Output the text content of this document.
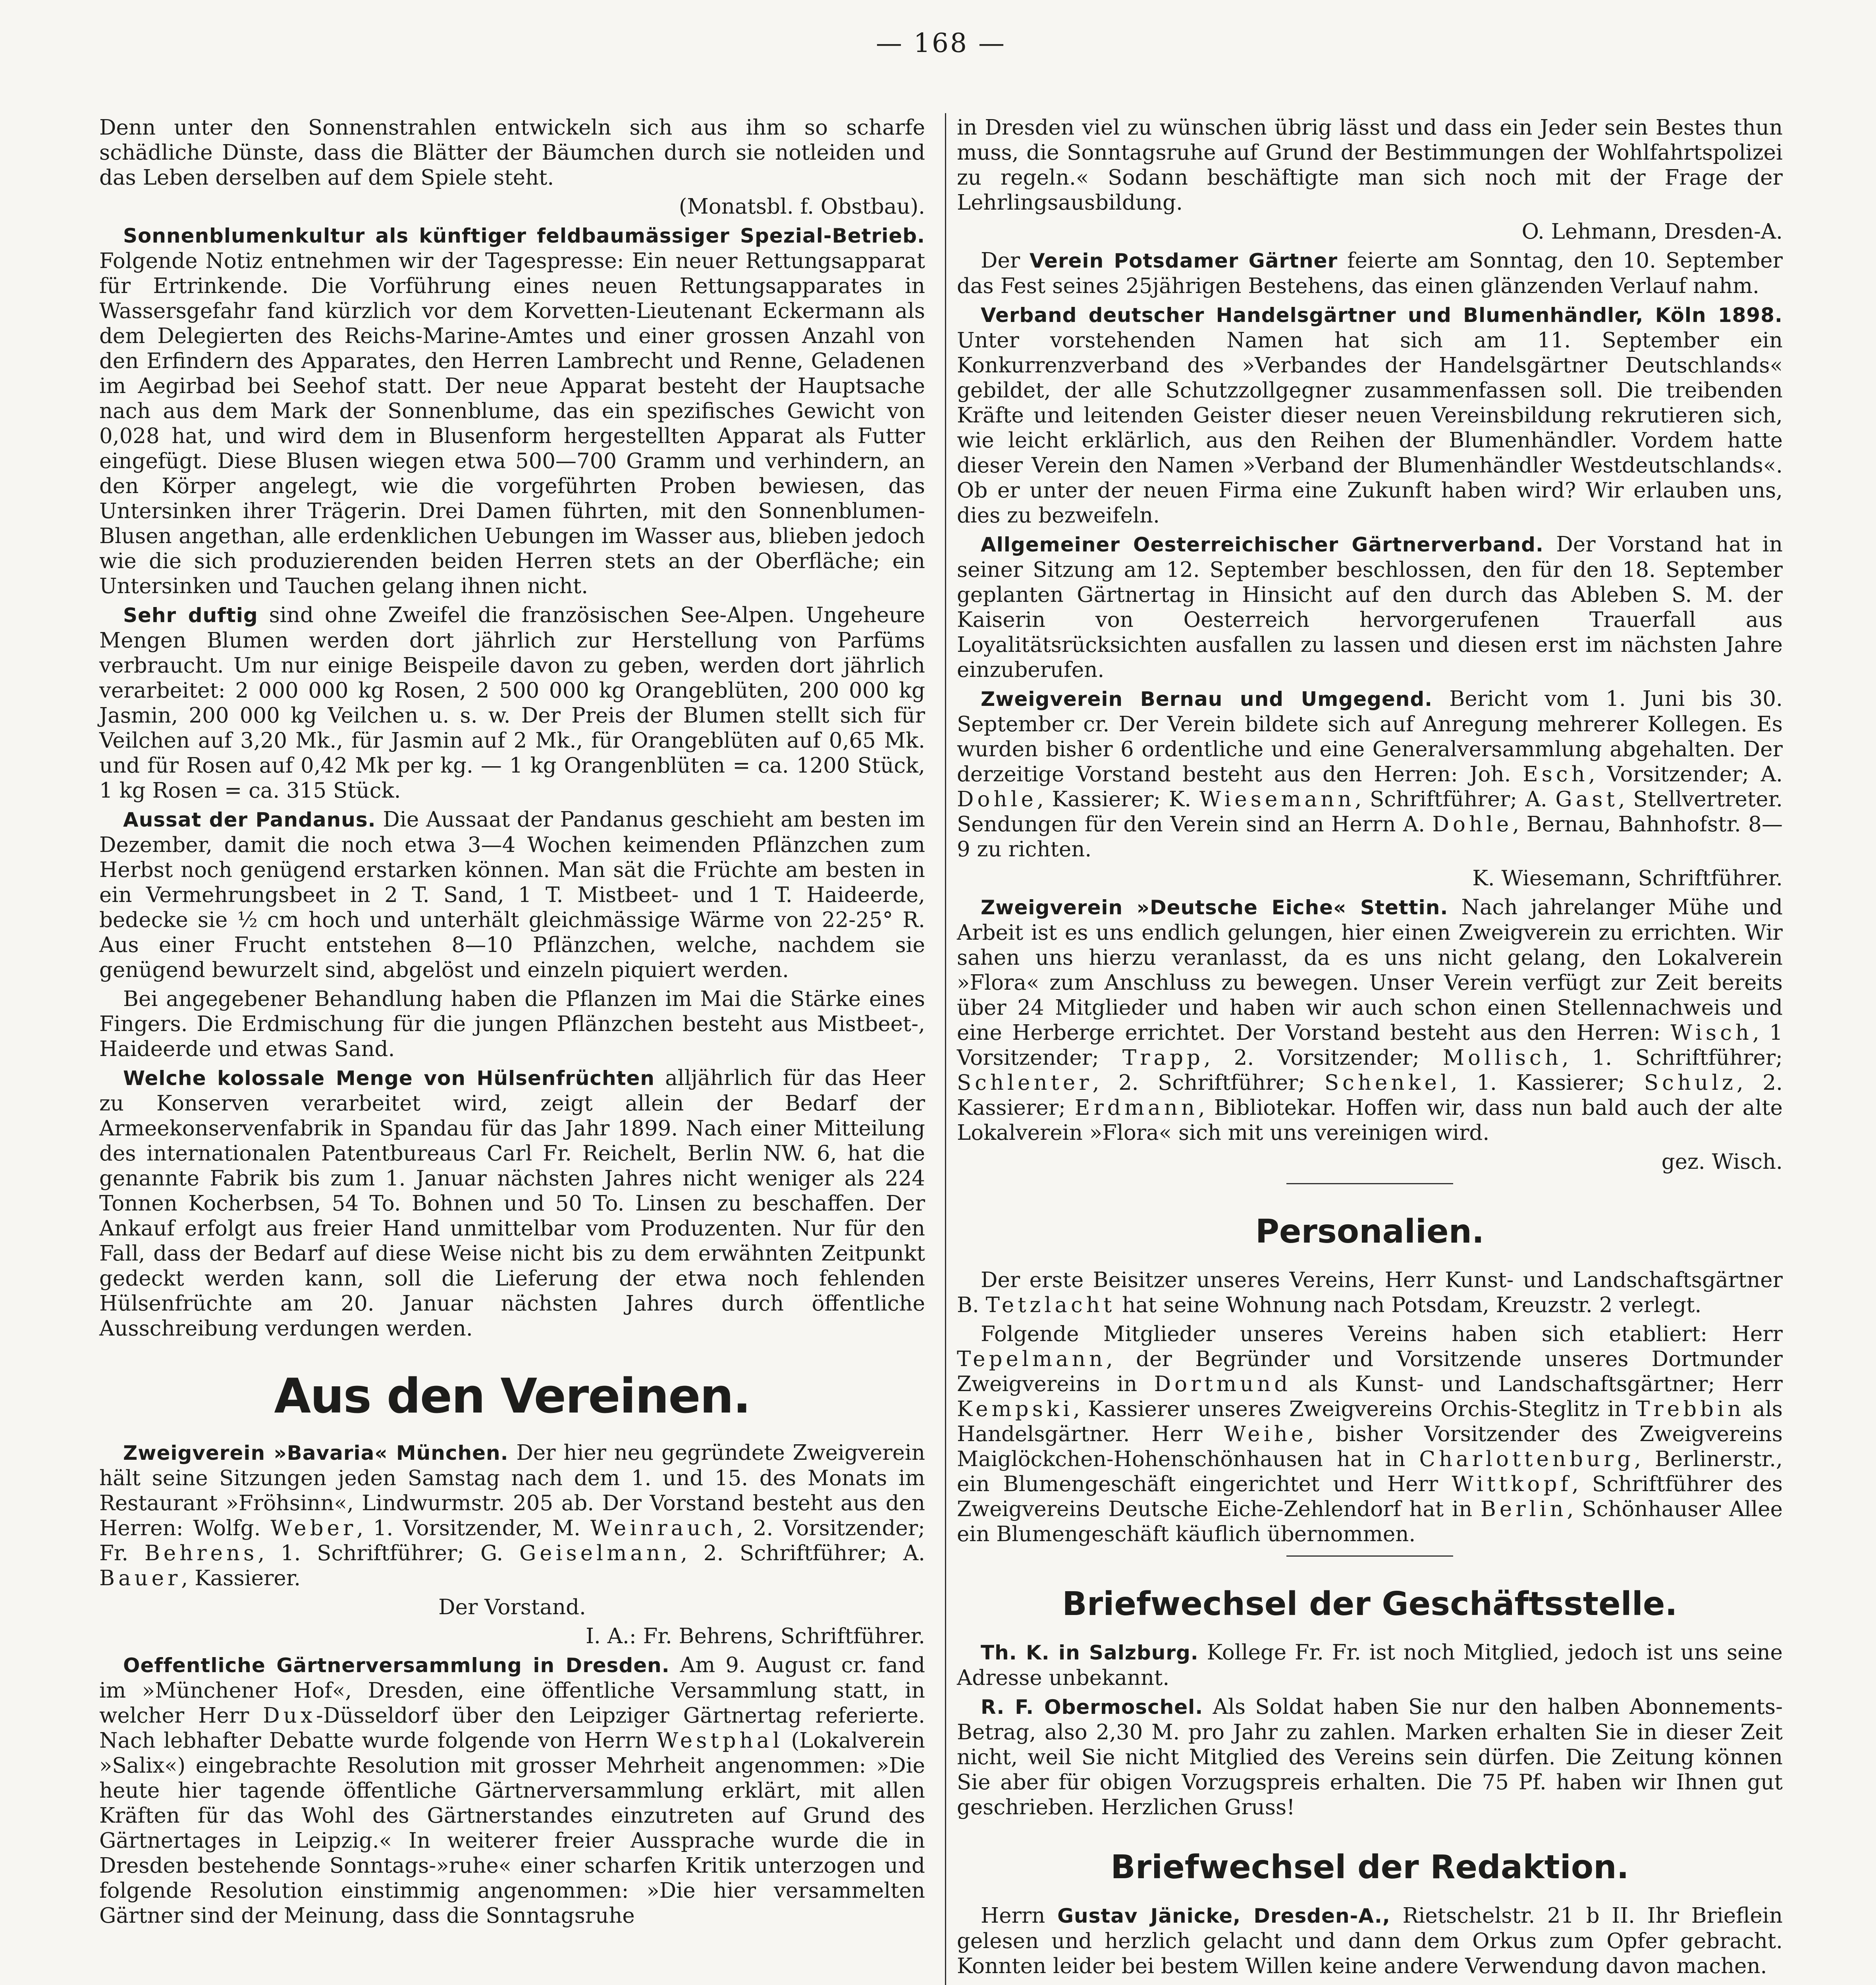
— 168 —

Denn unter den Sonnenstrahlen entwickeln sich aus ihm so scharfe schädliche Dünste, dass die Blätter der Bäumchen durch sie notleiden und das Leben derselben auf dem Spiele steht.

(Monatsbl. f. Obstbau).

Sonnenblumenkultur als künftiger feldbaumässiger Spezial-Betrieb. Folgende Notiz entnehmen wir der Tagespresse: Ein neuer Rettungsapparat für Ertrinkende. Die Vorführung eines neuen Rettungsapparates in Wassersgefahr fand kürzlich vor dem Korvetten-Lieutenant Eckermann als dem Delegierten des Reichs-Marine-Amtes und einer grossen Anzahl von den Erfindern des Apparates, den Herren Lambrecht und Renne, Geladenen im Aegirbad bei Seehof statt. Der neue Apparat besteht der Hauptsache nach aus dem Mark der Sonnenblume, das ein spezifisches Gewicht von 0,028 hat, und wird dem in Blusenform hergestellten Apparat als Futter eingefügt. Diese Blusen wiegen etwa 500—700 Gramm und verhindern, an den Körper angelegt, wie die vorgeführten Proben bewiesen, das Untersinken ihrer Trägerin. Drei Damen führten, mit den Sonnenblumen-Blusen angethan, alle erdenklichen Uebungen im Wasser aus, blieben jedoch wie die sich produzierenden beiden Herren stets an der Oberfläche; ein Untersinken und Tauchen gelang ihnen nicht.

Sehr duftig sind ohne Zweifel die französischen See-Alpen. Ungeheure Mengen Blumen werden dort jährlich zur Herstellung von Parfüms verbraucht. Um nur einige Beispeile davon zu geben, werden dort jährlich verarbeitet: 2 000 000 kg Rosen, 2 500 000 kg Orangeblüten, 200 000 kg Jasmin, 200 000 kg Veilchen u. s. w. Der Preis der Blumen stellt sich für Veilchen auf 3,20 Mk., für Jasmin auf 2 Mk., für Orangeblüten auf 0,65 Mk. und für Rosen auf 0,42 Mk per kg. — 1 kg Orangenblüten = ca. 1200 Stück, 1 kg Rosen = ca. 315 Stück.

Aussat der Pandanus. Die Aussaat der Pandanus geschieht am besten im Dezember, damit die noch etwa 3—4 Wochen keimenden Pflänzchen zum Herbst noch genügend erstarken können. Man sät die Früchte am besten in ein Vermehrungsbeet in 2 T. Sand, 1 T. Mistbeet- und 1 T. Haideerde, bedecke sie ½ cm hoch und unterhält gleichmässige Wärme von 22-25° R. Aus einer Frucht entstehen 8—10 Pflänzchen, welche, nachdem sie genügend bewurzelt sind, abgelöst und einzeln piquiert werden.

Bei angegebener Behandlung haben die Pflanzen im Mai die Stärke eines Fingers. Die Erdmischung für die jungen Pflänzchen besteht aus Mistbeet-, Haideerde und etwas Sand.

Welche kolossale Menge von Hülsenfrüchten alljährlich für das Heer zu Konserven verarbeitet wird, zeigt allein der Bedarf der Armeekonservenfabrik in Spandau für das Jahr 1899. Nach einer Mitteilung des internationalen Patentbureaus Carl Fr. Reichelt, Berlin NW. 6, hat die genannte Fabrik bis zum 1. Januar nächsten Jahres nicht weniger als 224 Tonnen Kocherbsen, 54 To. Bohnen und 50 To. Linsen zu beschaffen. Der Ankauf erfolgt aus freier Hand unmittelbar vom Produzenten. Nur für den Fall, dass der Bedarf auf diese Weise nicht bis zu dem erwähnten Zeitpunkt gedeckt werden kann, soll die Lieferung der etwa noch fehlenden Hülsenfrüchte am 20. Januar nächsten Jahres durch öffentliche Ausschreibung verdungen werden.

Aus den Vereinen.

Zweigverein »Bavaria« München. Der hier neu gegründete Zweigverein hält seine Sitzungen jeden Samstag nach dem 1. und 15. des Monats im Restaurant »Fröhsinn«, Lindwurmstr. 205 ab. Der Vorstand besteht aus den Herren: Wolfg. Weber, 1. Vorsitzender, M. Weinrauch, 2. Vorsitzender; Fr. Behrens, 1. Schriftführer; G. Geiselmann, 2. Schriftführer; A. Bauer, Kassierer.

Der Vorstand.

I. A.: Fr. Behrens, Schriftführer.

Oeffentliche Gärtnerversammlung in Dresden. Am 9. August cr. fand im »Münchener Hof«, Dresden, eine öffentliche Versammlung statt, in welcher Herr Dux-Düsseldorf über den Leipziger Gärtnertag referierte. Nach lebhafter Debatte wurde folgende von Herrn Westphal (Lokalverein »Salix«) eingebrachte Resolution mit grosser Mehrheit angenommen: »Die heute hier tagende öffentliche Gärtnerversammlung erklärt, mit allen Kräften für das Wohl des Gärtnerstandes einzutreten auf Grund des Gärtnertages in Leipzig.« In weiterer freier Aussprache wurde die in Dresden bestehende Sonntags-»ruhe« einer scharfen Kritik unterzogen und folgende Resolution einstimmig angenommen: »Die hier versammelten Gärtner sind der Meinung, dass die Sonntagsruhe

in Dresden viel zu wünschen übrig lässt und dass ein Jeder sein Bestes thun muss, die Sonntagsruhe auf Grund der Bestimmungen der Wohlfahrtspolizei zu regeln.« Sodann beschäftigte man sich noch mit der Frage der Lehrlingsausbildung.

O. Lehmann, Dresden-A.

Der Verein Potsdamer Gärtner feierte am Sonntag, den 10. September das Fest seines 25jährigen Bestehens, das einen glänzenden Verlauf nahm.

Verband deutscher Handelsgärtner und Blumenhändler, Köln 1898. Unter vorstehenden Namen hat sich am 11. September ein Konkurrenzverband des »Verbandes der Handelsgärtner Deutschlands« gebildet, der alle Schutzzollgegner zusammenfassen soll. Die treibenden Kräfte und leitenden Geister dieser neuen Vereinsbildung rekrutieren sich, wie leicht erklärlich, aus den Reihen der Blumenhändler. Vordem hatte dieser Verein den Namen »Verband der Blumenhändler Westdeutschlands«. Ob er unter der neuen Firma eine Zukunft haben wird? Wir erlauben uns, dies zu bezweifeln.

Allgemeiner Oesterreichischer Gärtnerverband. Der Vorstand hat in seiner Sitzung am 12. September beschlossen, den für den 18. September geplanten Gärtnertag in Hinsicht auf den durch das Ableben S. M. der Kaiserin von Oesterreich hervorgerufenen Trauerfall aus Loyalitätsrücksichten ausfallen zu lassen und diesen erst im nächsten Jahre einzuberufen.

Zweigverein Bernau und Umgegend. Bericht vom 1. Juni bis 30. September cr. Der Verein bildete sich auf Anregung mehrerer Kollegen. Es wurden bisher 6 ordentliche und eine Generalversammlung abgehalten. Der derzeitige Vorstand besteht aus den Herren: Joh. Esch, Vorsitzender; A. Dohle, Kassierer; K. Wiesemann, Schriftführer; A. Gast, Stellvertreter. Sendungen für den Verein sind an Herrn A. Dohle, Bernau, Bahnhofstr. 8—9 zu richten.

K. Wiesemann, Schriftführer.

Zweigverein »Deutsche Eiche« Stettin. Nach jahrelanger Mühe und Arbeit ist es uns endlich gelungen, hier einen Zweigverein zu errichten. Wir sahen uns hierzu veranlasst, da es uns nicht gelang, den Lokalverein »Flora« zum Anschluss zu bewegen. Unser Verein verfügt zur Zeit bereits über 24 Mitglieder und haben wir auch schon einen Stellennachweis und eine Herberge errichtet. Der Vorstand besteht aus den Herren: Wisch, 1 Vorsitzender; Trapp, 2. Vorsitzender; Mollisch, 1. Schriftführer; Schlenter, 2. Schriftführer; Schenkel, 1. Kassierer; Schulz, 2. Kassierer; Erdmann, Bibliotekar. Hoffen wir, dass nun bald auch der alte Lokalverein »Flora« sich mit uns vereinigen wird.

gez. Wisch.

Personalien.

Der erste Beisitzer unseres Vereins, Herr Kunst- und Landschaftsgärtner B. Tetzlacht hat seine Wohnung nach Potsdam, Kreuzstr. 2 verlegt.

Folgende Mitglieder unseres Vereins haben sich etabliert: Herr Tepelmann, der Begründer und Vorsitzende unseres Dortmunder Zweigvereins in Dortmund als Kunst- und Landschaftsgärtner; Herr Kempski, Kassierer unseres Zweigvereins Orchis-Steglitz in Trebbin als Handelsgärtner. Herr Weihe, bisher Vorsitzender des Zweigvereins Maiglöckchen-Hohenschönhausen hat in Charlottenburg, Berlinerstr., ein Blumengeschäft eingerichtet und Herr Wittkopf, Schriftführer des Zweigvereins Deutsche Eiche-Zehlendorf hat in Berlin, Schönhauser Allee ein Blumengeschäft käuflich übernommen.

Briefwechsel der Geschäftsstelle.

Th. K. in Salzburg. Kollege Fr. Fr. ist noch Mitglied, jedoch ist uns seine Adresse unbekannt.

R. F. Obermoschel. Als Soldat haben Sie nur den halben Abonnements-Betrag, also 2,30 M. pro Jahr zu zahlen. Marken erhalten Sie in dieser Zeit nicht, weil Sie nicht Mitglied des Vereins sein dürfen. Die Zeitung können Sie aber für obigen Vorzugspreis erhalten. Die 75 Pf. haben wir Ihnen gut geschrieben. Herzlichen Gruss!

Briefwechsel der Redaktion.

Herrn Gustav Jänicke, Dresden-A., Rietschelstr. 21 b II. Ihr Brieflein gelesen und herzlich gelacht und dann dem Orkus zum Opfer gebracht. Konnten leider bei bestem Willen keine andere Verwendung davon machen.
